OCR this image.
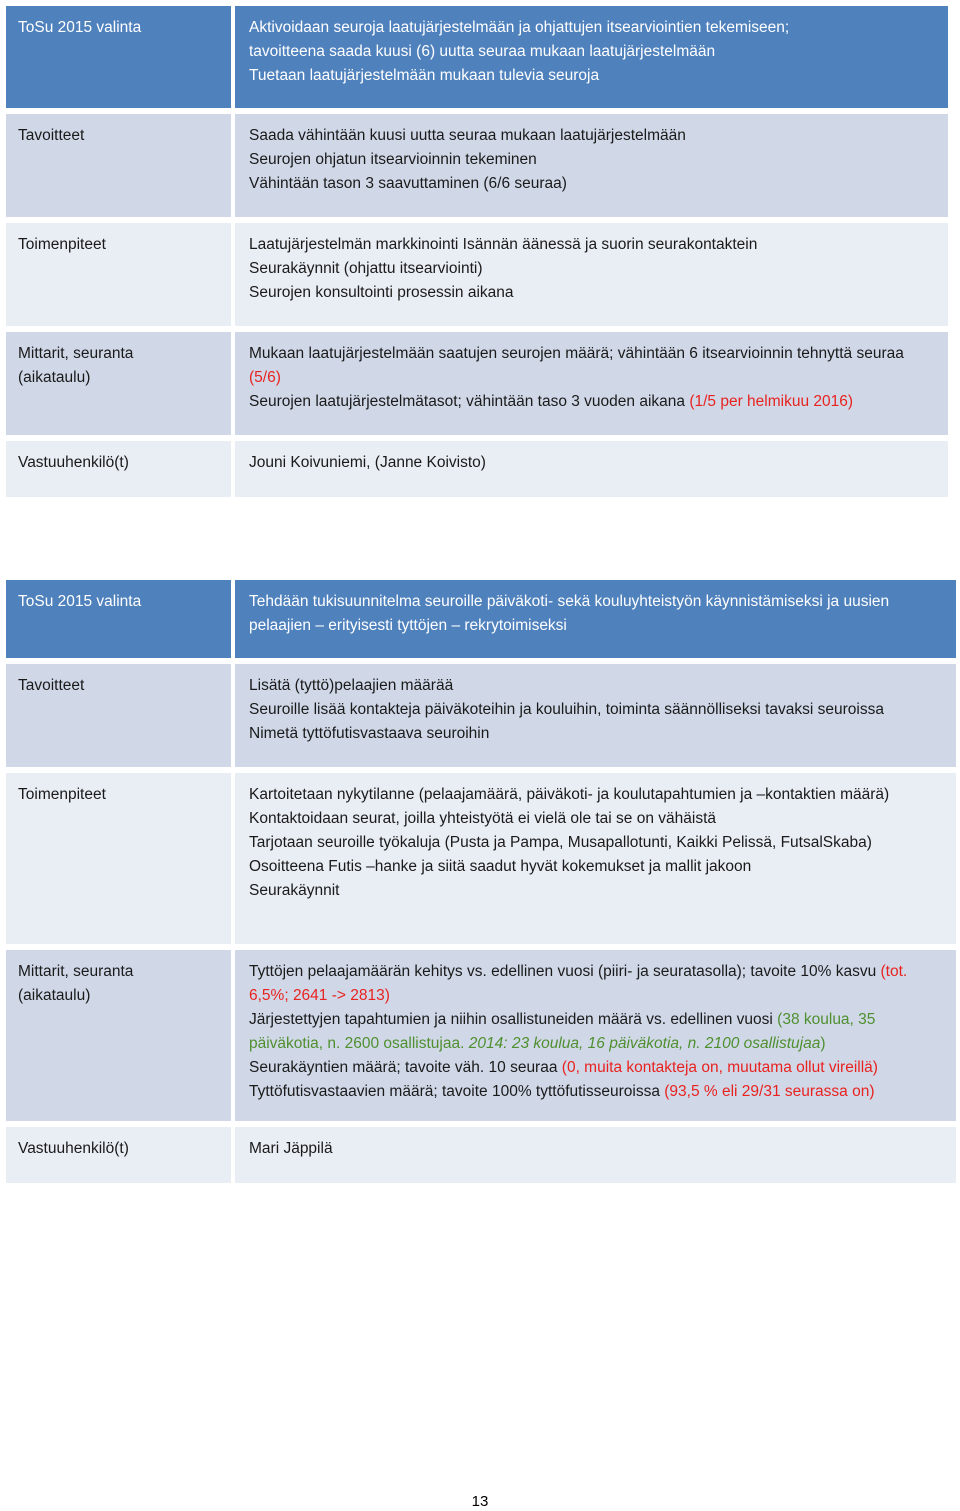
ToSu 2015 valinta	Aktivoidaan seuroja laatujärjestelmään ja ohjattujen itsearviointien tekemiseen;
tavoitteena saada kuusi (6) uutta seuraa mukaan laatujärjestelmään
Tuetaan laatujärjestelmään mukaan tulevia seuroja

Tavoitteet	Saada vähintään kuusi uutta seuraa mukaan laatujärjestelmään
Seurojen ohjatun itsearvioinnin tekeminen
Vähintään tason 3 saavuttaminen (6/6 seuraa)

Toimenpiteet	Laatujärjestelmän markkinointi Isännän äänessä ja suorin seurakontaktein
Seurakäynnit (ohjattu itsearviointi)
Seurojen konsultointi prosessin aikana

Mittarit, seuranta
(aikataulu)	Mukaan laatujärjestelmään saatujen seurojen määrä; vähintään 6 itsearvioinnin tehnyttä seuraa (5/6)
Seurojen laatujärjestelmätasot; vähintään taso 3 vuoden aikana (1/5 per helmikuu 2016)

Vastuuhenkilö(t)	Jouni Koivuniemi, (Janne Koivisto)
ToSu 2015 valinta	Tehdään tukisuunnitelma seuroille päiväkoti- sekä kouluyhteistyön käynnistämiseksi ja uusien pelaajien – erityisesti tyttöjen – rekrytoimiseksi
Tavoitteet	Lisätä (tyttö)pelaajien määrää
Seuroille lisää kontakteja päiväkoteihin ja kouluihin, toiminta säännölliseksi tavaksi seuroissa
Nimetä tyttöfutisvastaava seuroihin

Toimenpiteet	Kartoitetaan nykytilanne (pelaajamäärä, päiväkoti- ja koulutapahtumien ja –kontaktien määrä)
Kontaktoidaan seurat, joilla yhteistyötä ei vielä ole tai se on vähäistä
Tarjotaan seuroille työkaluja (Pusta ja Pampa, Musapallotunti, Kaikki Pelissä, FutsalSkaba)
Osoitteena Futis –hanke ja siitä saadut hyvät kokemukset ja mallit jakoon
Seurakäynnit

Mittarit, seuranta
(aikataulu)	Tyttöjen pelaajamäärän kehitys vs. edellinen vuosi (piiri- ja seuratasolla); tavoite 10% kasvu (tot. 6,5%; 2641 -> 2813)
Järjestettyjen tapahtumien ja niihin osallistuneiden määrä vs. edellinen vuosi (38 koulua, 35 päiväkotia, n. 2600 osallistujaa. 2014: 23 koulua, 16 päiväkotia, n. 2100 osallistujaa)
Seurakäyntien määrä; tavoite väh. 10 seuraa (0, muita kontakteja on, muutama ollut vireillä)
Tyttöfutisvastaavien määrä; tavoite 100% tyttöfutisseuroissa (93,5 % eli 29/31 seurassa on)

Vastuuhenkilö(t)	Mari Jäppilä
13
